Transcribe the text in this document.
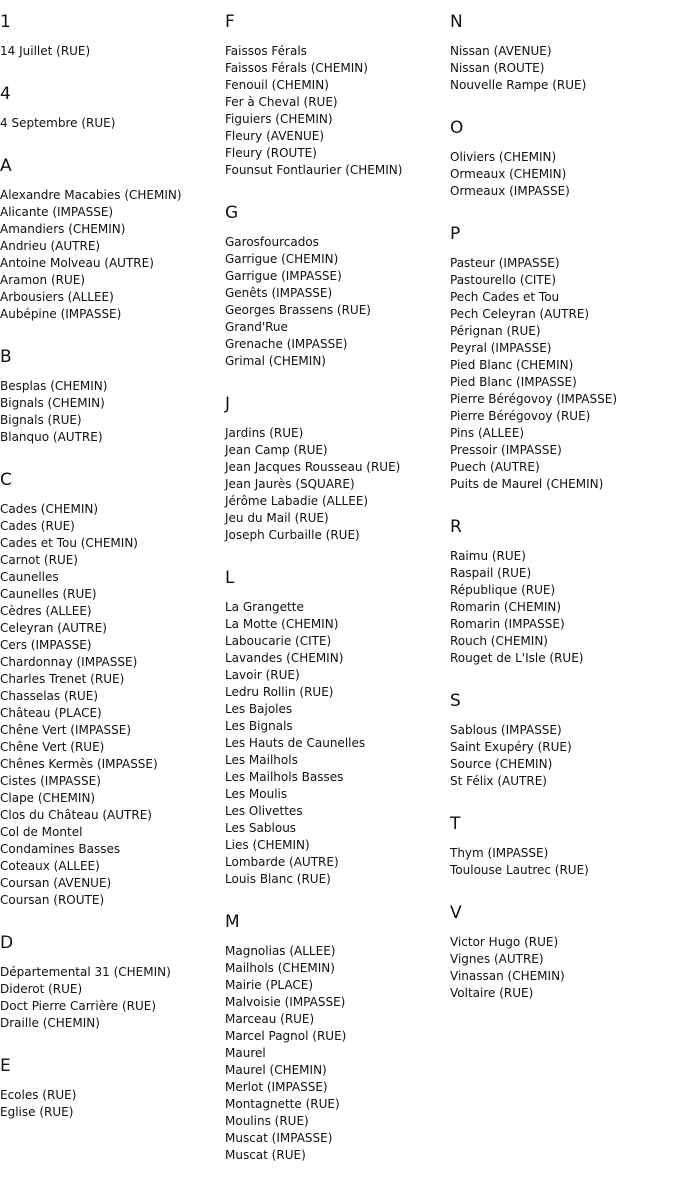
1
14 Juillet (RUE)
4
4 Septembre (RUE)
A
Alexandre Macabies (CHEMIN)
Alicante (IMPASSE)
Amandiers (CHEMIN)
Andrieu (AUTRE)
Antoine Molveau (AUTRE)
Aramon (RUE)
Arbousiers (ALLEE)
Aubépine (IMPASSE)
B
Besplas (CHEMIN)
Bignals (CHEMIN)
Bignals (RUE)
Blanquo (AUTRE)
C
Cades (CHEMIN)
Cades (RUE)
Cades et Tou (CHEMIN)
Carnot (RUE)
Caunelles
Caunelles (RUE)
Cèdres (ALLEE)
Celeyran (AUTRE)
Cers (IMPASSE)
Chardonnay (IMPASSE)
Charles Trenet (RUE)
Chasselas (RUE)
Château (PLACE)
Chêne Vert (IMPASSE)
Chêne Vert (RUE)
Chênes Kermès (IMPASSE)
Cistes (IMPASSE)
Clape (CHEMIN)
Clos du Château (AUTRE)
Col de Montel
Condamines Basses
Coteaux (ALLEE)
Coursan (AVENUE)
Coursan (ROUTE)
D
Départemental 31 (CHEMIN)
Diderot (RUE)
Doct Pierre Carrière (RUE)
Draille (CHEMIN)
E
Ecoles (RUE)
Eglise (RUE)
F
Faissos Férals
Faissos Férals (CHEMIN)
Fenouil (CHEMIN)
Fer à Cheval (RUE)
Figuiers (CHEMIN)
Fleury (AVENUE)
Fleury (ROUTE)
Founsut Fontlaurier (CHEMIN)
G
Garosfourcados
Garrigue (CHEMIN)
Garrigue (IMPASSE)
Genêts (IMPASSE)
Georges Brassens (RUE)
Grand'Rue
Grenache (IMPASSE)
Grimal (CHEMIN)
J
Jardins (RUE)
Jean Camp (RUE)
Jean Jacques Rousseau (RUE)
Jean Jaurès (SQUARE)
Jérôme Labadie (ALLEE)
Jeu du Mail (RUE)
Joseph Curbaille (RUE)
L
La Grangette
La Motte (CHEMIN)
Laboucarie (CITE)
Lavandes (CHEMIN)
Lavoir (RUE)
Ledru Rollin (RUE)
Les Bajoles
Les Bignals
Les Hauts de Caunelles
Les Mailhols
Les Mailhols Basses
Les Moulis
Les Olivettes
Les Sablous
Lies (CHEMIN)
Lombarde (AUTRE)
Louis Blanc (RUE)
M
Magnolias (ALLEE)
Mailhols (CHEMIN)
Mairie (PLACE)
Malvoisie (IMPASSE)
Marceau (RUE)
Marcel Pagnol (RUE)
Maurel
Maurel (CHEMIN)
Merlot (IMPASSE)
Montagnette (RUE)
Moulins (RUE)
Muscat (IMPASSE)
Muscat (RUE)
N
Nissan (AVENUE)
Nissan (ROUTE)
Nouvelle Rampe (RUE)
O
Oliviers (CHEMIN)
Ormeaux (CHEMIN)
Ormeaux (IMPASSE)
P
Pasteur (IMPASSE)
Pastourello (CITE)
Pech Cades et Tou
Pech Celeyran (AUTRE)
Pérignan (RUE)
Peyral (IMPASSE)
Pied Blanc (CHEMIN)
Pied Blanc (IMPASSE)
Pierre Bérégovoy (IMPASSE)
Pierre Bérégovoy (RUE)
Pins (ALLEE)
Pressoir (IMPASSE)
Puech (AUTRE)
Puits de Maurel (CHEMIN)
R
Raimu (RUE)
Raspail (RUE)
République (RUE)
Romarin (CHEMIN)
Romarin (IMPASSE)
Rouch (CHEMIN)
Rouget de L'Isle (RUE)
S
Sablous (IMPASSE)
Saint Exupéry (RUE)
Source (CHEMIN)
St Félix (AUTRE)
T
Thym (IMPASSE)
Toulouse Lautrec (RUE)
V
Victor Hugo (RUE)
Vignes (AUTRE)
Vinassan (CHEMIN)
Voltaire (RUE)
